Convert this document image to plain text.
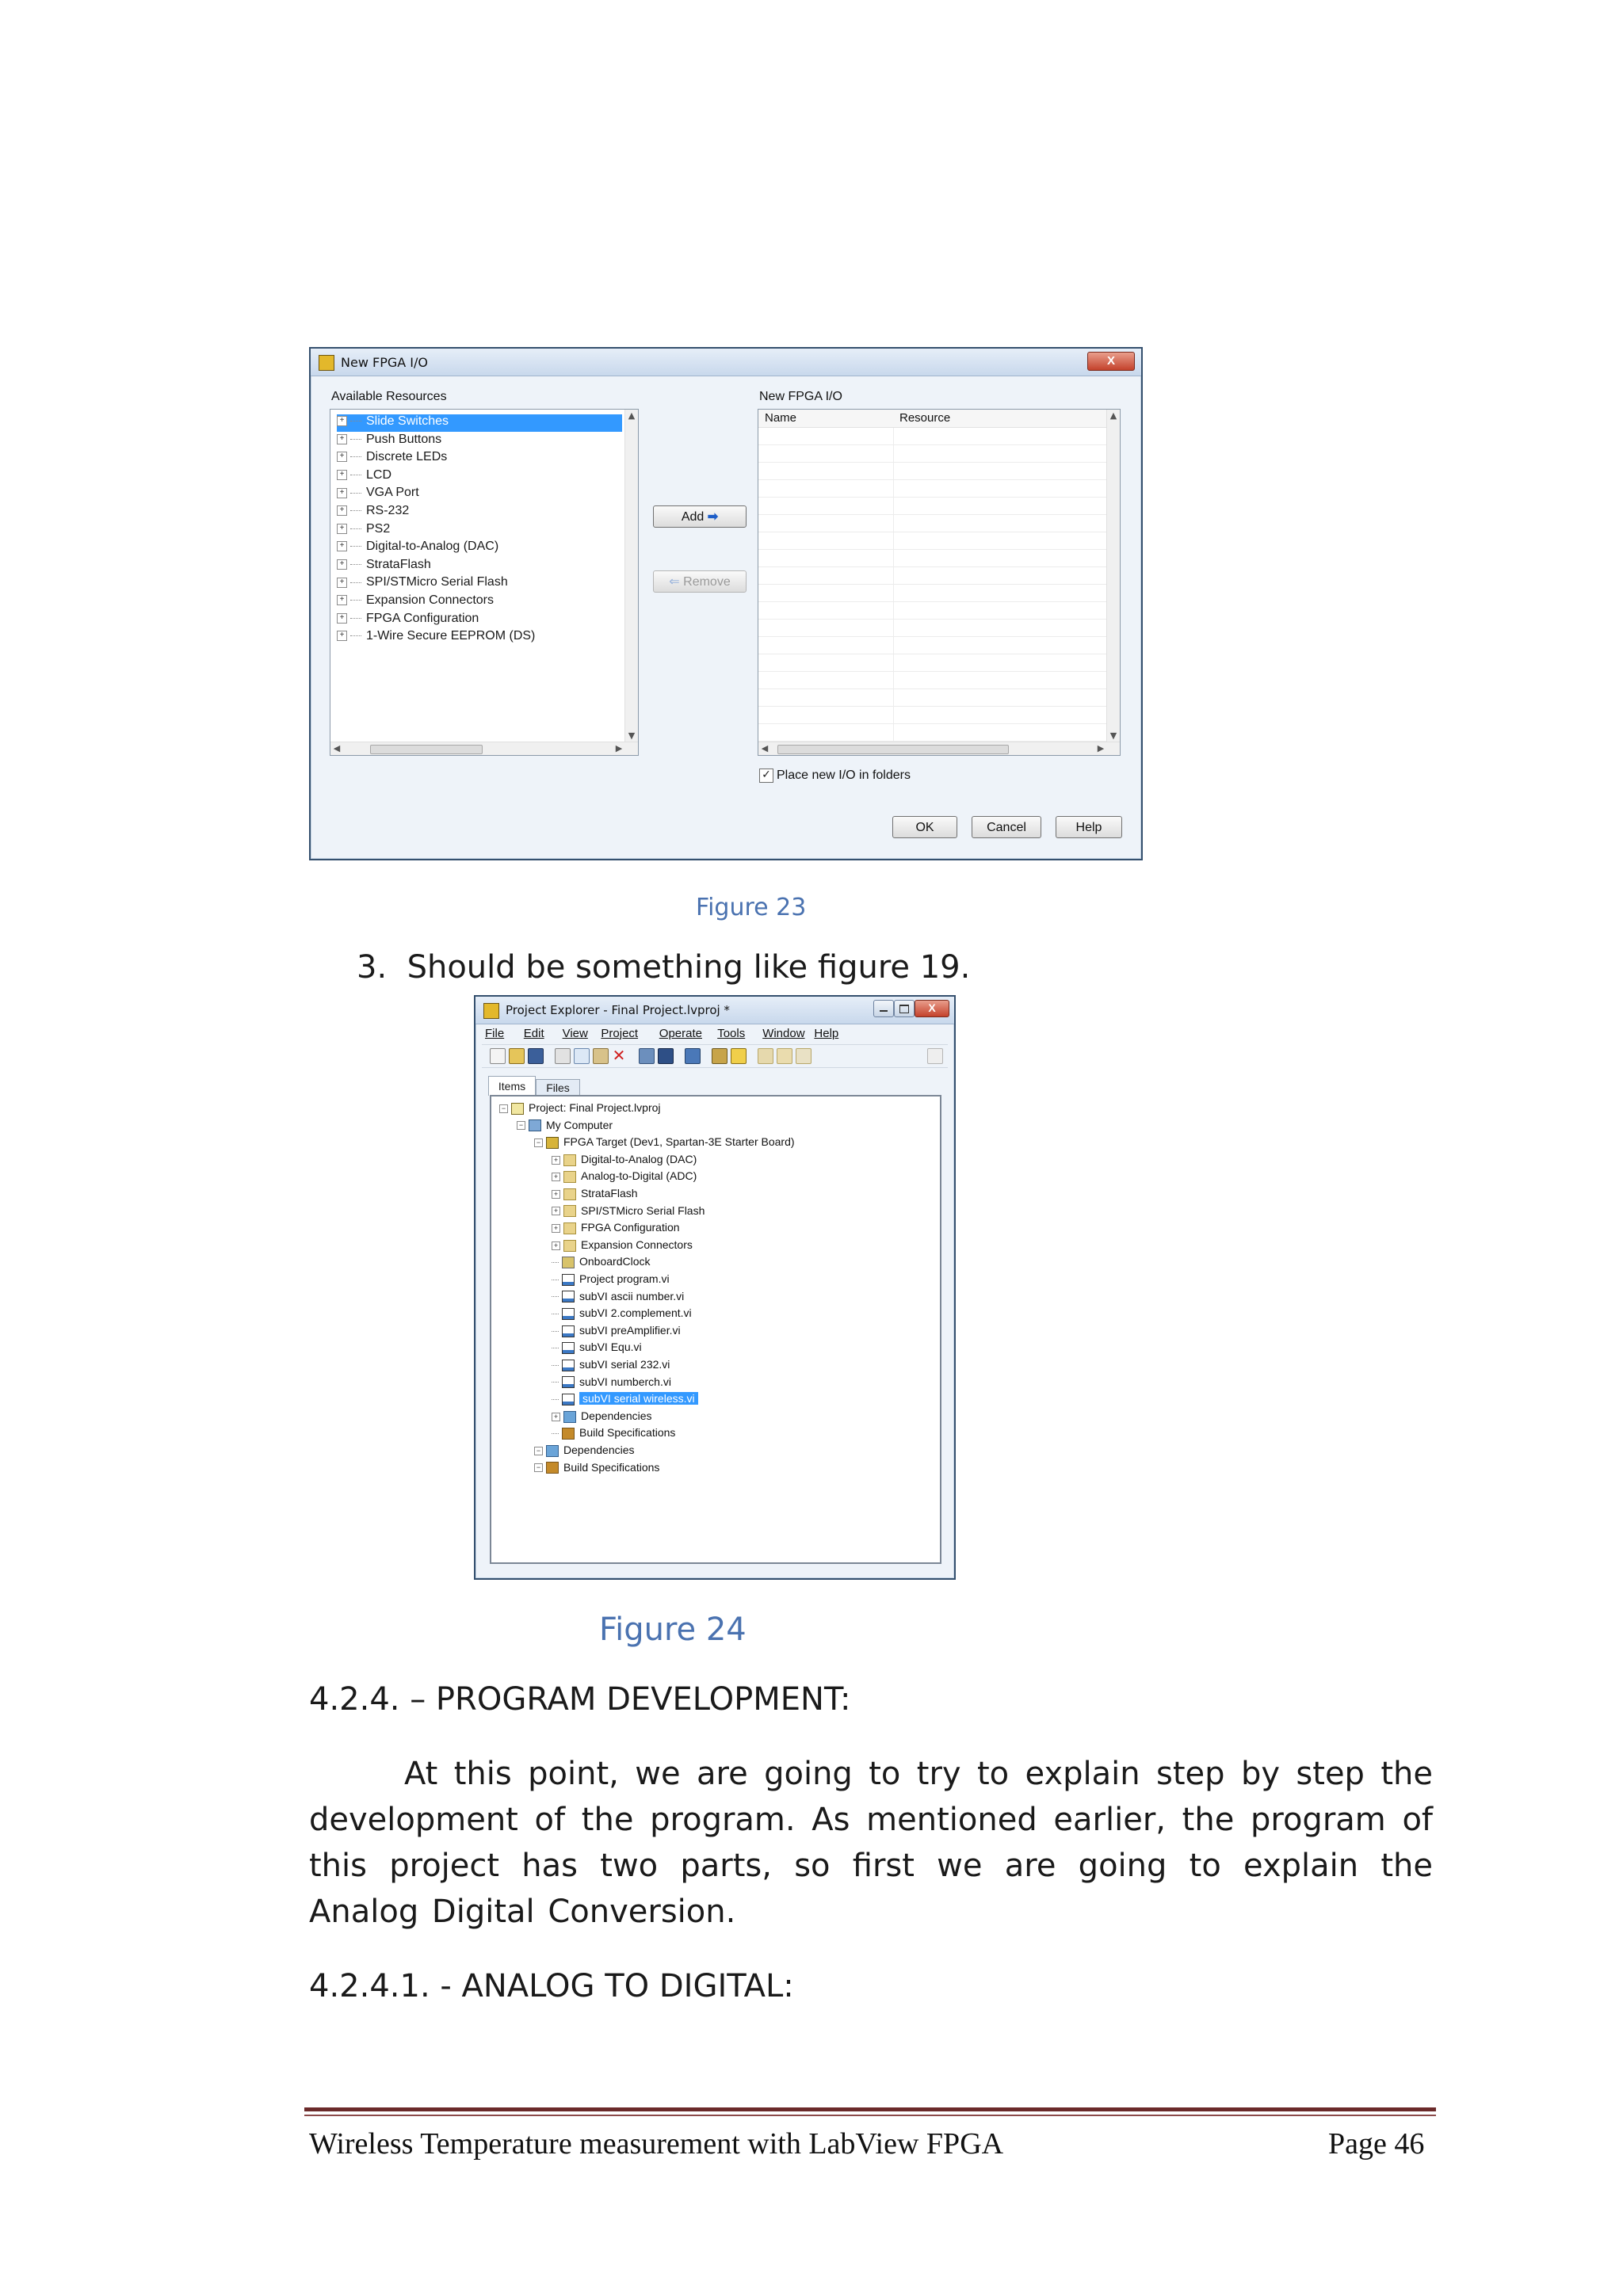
New FPGA I/O	X
Available Resources	New FPGA I/O
+ Slide Switches
+ Push Buttons
+ Discrete LEDs
+ LCD
+ VGA Port
+ RS-232
+ PS2
+ Digital-to-Analog (DAC)
+ StrataFlash
+ SPI/STMicro Serial Flash
+ Expansion Connectors
+ FPGA Configuration
+ 1-Wire Secure EEPROM (DS)
▲
▼
◀	▶
Add ➡
⇐ Remove
Name	Resource	▲
▼
◀	▶
✓ Place new I/O in folders
OK	Cancel	Help
Figure 23
3.  Should be something like figure 19.
Project Explorer - Final Project.lvproj *	X
File Edit View Project Operate Tools Window Help
✕
Items	Files
− Project: Final Project.lvproj
− My Computer
− FPGA Target (Dev1, Spartan-3E Starter Board)
+ Digital-to-Analog (DAC)
+ Analog-to-Digital (ADC)
+ StrataFlash
+ SPI/STMicro Serial Flash
+ FPGA Configuration
+ Expansion Connectors
OnboardClock
Project program.vi
subVI ascii number.vi
subVI 2.complement.vi
subVI preAmplifier.vi
subVI Equ.vi
subVI serial 232.vi
subVI numberch.vi
subVI serial wireless.vi
+ Dependencies
Build Specifications
− Dependencies
− Build Specifications
Figure 24
4.2.4. – PROGRAM DEVELOPMENT:
At this point, we are going to try to explain step by step the development of the program. As mentioned earlier, the program of this project has two parts, so first we are going to explain the Analog Digital Conversion.
4.2.4.1. - ANALOG TO DIGITAL:
Wireless Temperature measurement with LabView FPGA	Page 46
